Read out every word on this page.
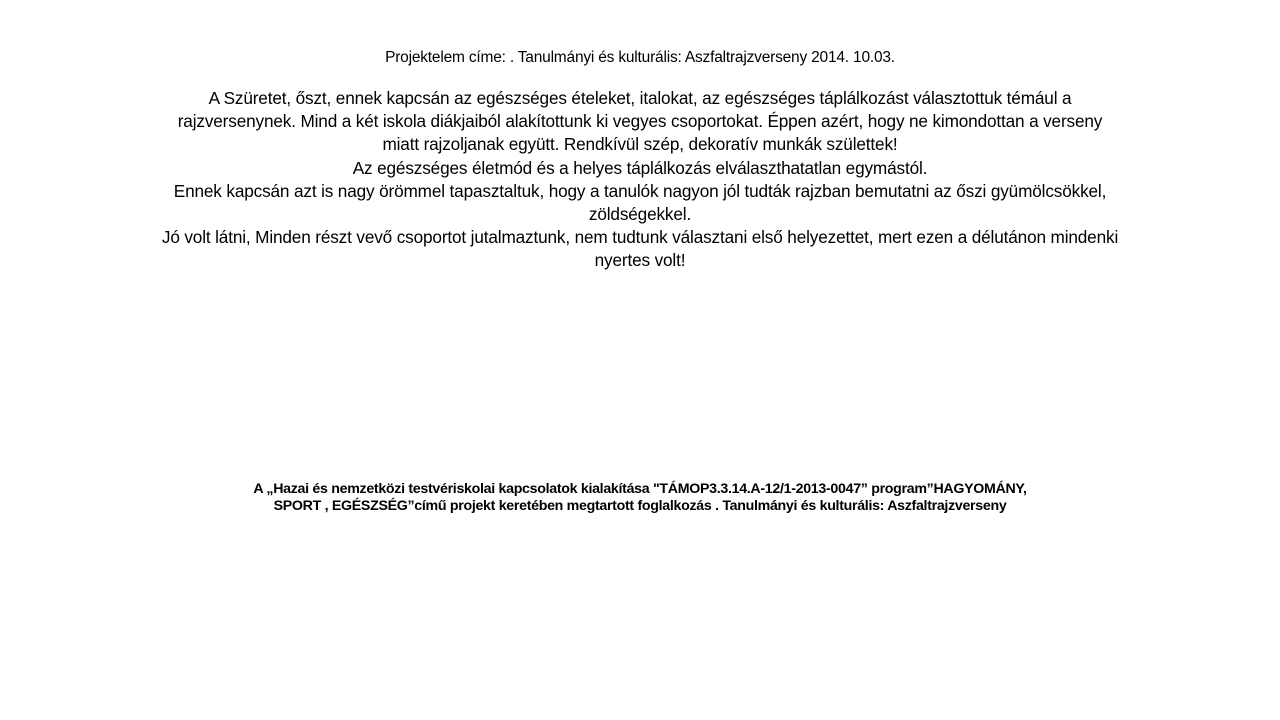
Projektelem címe: . Tanulmányi és kulturális: Aszfaltrajzverseny 2014. 10.03.

A Szüretet, őszt, ennek kapcsán az egészséges ételeket, italokat, az egészséges táplálkozást választottuk témául a rajzversenynek. Mind a két iskola diákjaiból alakítottunk ki vegyes csoportokat. Éppen azért, hogy ne kimondottan a verseny miatt rajzoljanak együtt. Rendkívül szép, dekoratív munkák születtek!

Az egészséges életmód és a helyes táplálkozás elválaszthatatlan egymástól.

Ennek kapcsán azt is nagy örömmel tapasztaltuk, hogy a tanulók nagyon jól tudták rajzban bemutatni az őszi gyümölcsökkel, zöldségekkel.

Jó volt látni, Minden részt vevő csoportot jutalmaztunk, nem tudtunk választani első helyezettet, mert ezen a délutánon mindenki nyertes volt!

A „Hazai és nemzetközi testvériskolai kapcsolatok kialakítása "TÁMOP3.3.14.A-12/1-2013-0047” program”HAGYOMÁNY,

SPORT , EGÉSZSÉG”című projekt keretében megtartott foglalkozás . Tanulmányi és kulturális: Aszfaltrajzverseny
